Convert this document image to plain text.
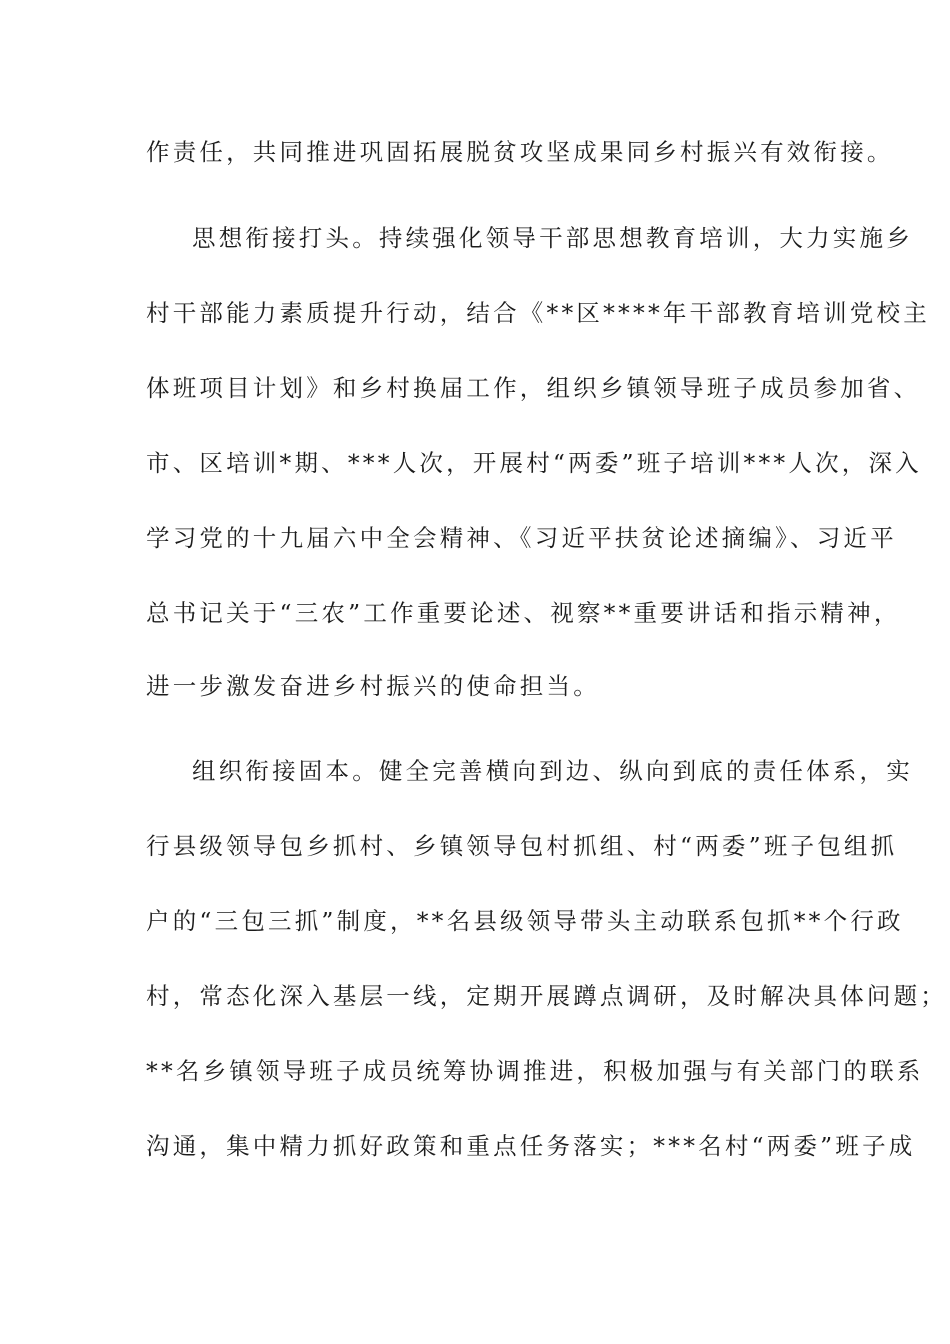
作责任，共同推进巩固拓展脱贫攻坚成果同乡村振兴有效衔接。
思想衔接打头。持续强化领导干部思想教育培训，大力实施乡
村干部能力素质提升行动，结合《**区****年干部教育培训党校主
体班项目计划》和乡村换届工作，组织乡镇领导班子成员参加省、
市、区培训*期、***人次，开展村“两委”班子培训***人次，深入
学习党的十九届六中全会精神、《习近平扶贫论述摘编》、习近平
总书记关于“三农”工作重要论述、视察**重要讲话和指示精神，
进一步激发奋进乡村振兴的使命担当。
组织衔接固本。健全完善横向到边、纵向到底的责任体系，实
行县级领导包乡抓村、乡镇领导包村抓组、村“两委”班子包组抓
户的“三包三抓”制度，**名县级领导带头主动联系包抓**个行政
村，常态化深入基层一线，定期开展蹲点调研，及时解决具体问题；
**名乡镇领导班子成员统筹协调推进，积极加强与有关部门的联系
沟通，集中精力抓好政策和重点任务落实；***名村“两委”班子成
